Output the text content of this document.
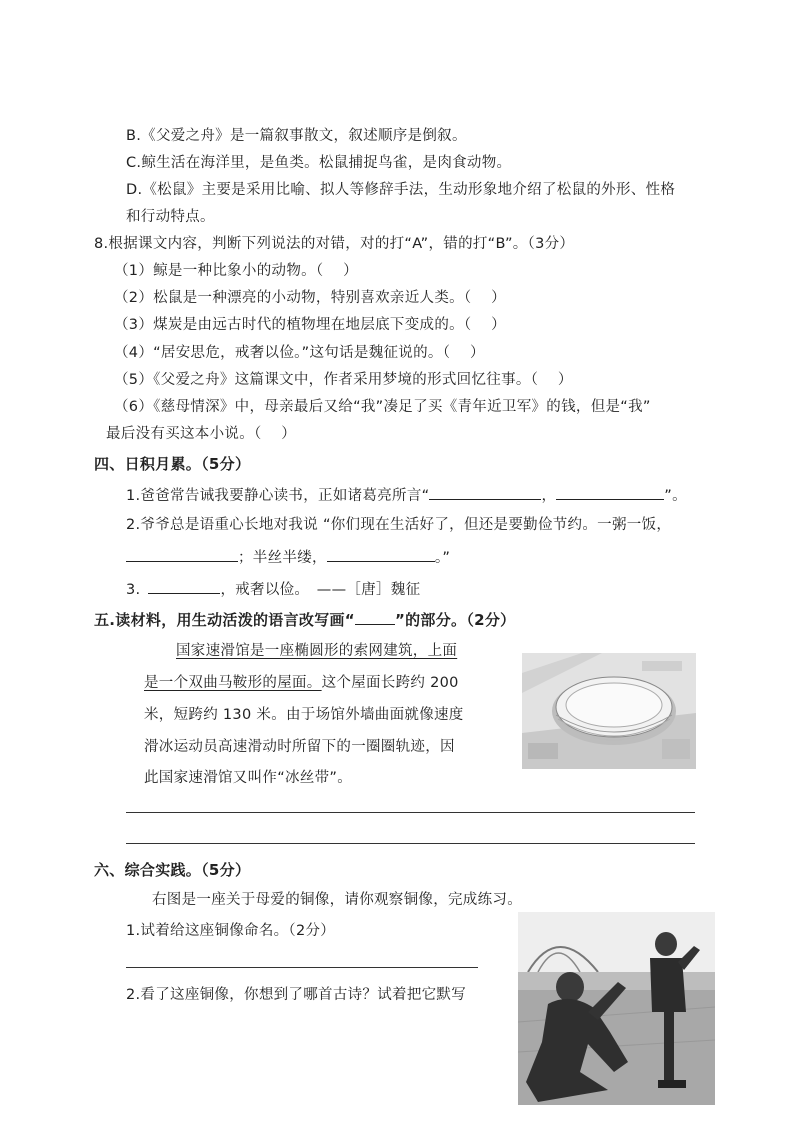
B.《父爱之舟》是一篇叙事散文，叙述顺序是倒叙。
C.鲸生活在海洋里，是鱼类。松鼠捕捉鸟雀，是肉食动物。
D.《松鼠》主要是采用比喻、拟人等修辞手法，生动形象地介绍了松鼠的外形、性格
和行动特点。
8.根据课文内容，判断下列说法的对错，对的打“A”，错的打“B”。（3分）
（1）鲸是一种比象小的动物。（　 ）
（2）松鼠是一种漂亮的小动物，特别喜欢亲近人类。（　 ）
（3）煤炭是由远古时代的植物埋在地层底下变成的。（　 ）
（4）“居安思危，戒奢以俭。”这句话是魏征说的。（　 ）
（5）《父爱之舟》这篇课文中，作者采用梦境的形式回忆往事。（　 ）
（6）《慈母情深》中，母亲最后又给“我”凑足了买《青年近卫军》的钱，但是“我”
最后没有买这本小说。（　 ）
四、日积月累。（5分）
1.爸爸常告诫我要静心读书，正如诸葛亮所言“	，	”。
2.爷爷总是语重心长地对我说 “你们现在生活好了，但还是要勤俭节约。一粥一饭，
；半丝半缕，	。”
3.	，戒奢以俭。　——［唐］魏征
五.读材料，用生动活泼的语言改写画“	”的部分。（2分）
国家速滑馆是一座椭圆形的索网建筑，上面
是一个双曲马鞍形的屋面。这个屋面长跨约 200
米，短跨约 130 米。由于场馆外墙曲面就像速度
滑冰运动员高速滑动时所留下的一圈圈轨迹，因
此国家速滑馆又叫作“冰丝带”。
六、综合实践。（5分）
右图是一座关于母爱的铜像，请你观察铜像，完成练习。
1.试着给这座铜像命名。（2分）
2.看了这座铜像，你想到了哪首古诗？试着把它默写
